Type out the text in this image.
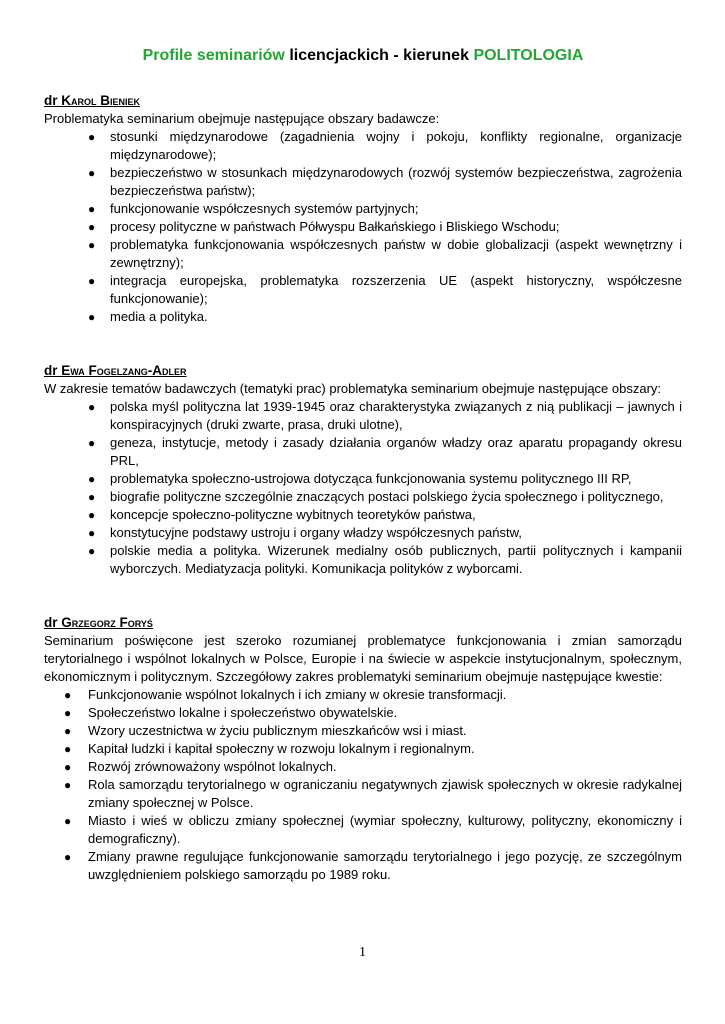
Profile seminariów licencjackich - kierunek POLITOLOGIA

dr Karol Bieniek

Problematyka seminarium obejmuje następujące obszary badawcze:

● stosunki międzynarodowe (zagadnienia wojny i pokoju, konflikty regionalne, organizacje międzynarodowe);
● bezpieczeństwo w stosunkach międzynarodowych (rozwój systemów bezpieczeństwa, zagrożenia bezpieczeństwa państw);
● funkcjonowanie współczesnych systemów partyjnych;
● procesy polityczne w państwach Półwyspu Bałkańskiego i Bliskiego Wschodu;
● problematyka funkcjonowania współczesnych państw w dobie globalizacji (aspekt wewnętrzny i zewnętrzny);
● integracja europejska, problematyka rozszerzenia UE (aspekt historyczny, współczesne funkcjonowanie);
● media a polityka.

dr Ewa Fogelzang-Adler

W zakresie tematów badawczych (tematyki prac) problematyka seminarium obejmuje następujące obszary:

● polska myśl polityczna lat 1939-1945 oraz charakterystyka związanych z nią publikacji – jawnych i konspiracyjnych (druki zwarte, prasa, druki ulotne),
● geneza, instytucje, metody i zasady działania organów władzy oraz aparatu propagandy okresu PRL,
● problematyka społeczno-ustrojowa dotycząca funkcjonowania systemu politycznego III RP,
● biografie polityczne szczególnie znaczących postaci polskiego życia społecznego i politycznego,
● koncepcje społeczno-polityczne wybitnych teoretyków państwa,
● konstytucyjne podstawy ustroju i organy władzy współczesnych państw,
● polskie media a polityka. Wizerunek medialny osób publicznych, partii politycznych i kampanii wyborczych. Mediatyzacja polityki. Komunikacja polityków z wyborcami.

dr Grzegorz Foryś

Seminarium poświęcone jest szeroko rozumianej problematyce funkcjonowania i zmian samorządu terytorialnego i wspólnot lokalnych w Polsce, Europie i na świecie w aspekcie instytucjonalnym, społecznym, ekonomicznym i politycznym. Szczegółowy zakres problematyki seminarium obejmuje następujące kwestie:

● Funkcjonowanie wspólnot lokalnych i ich zmiany w okresie transformacji.
● Społeczeństwo lokalne i społeczeństwo obywatelskie.
● Wzory uczestnictwa w życiu publicznym mieszkańców wsi i miast.
● Kapitał ludzki i kapitał społeczny w rozwoju lokalnym i regionalnym.
● Rozwój zrównoważony wspólnot lokalnych.
● Rola samorządu terytorialnego w ograniczaniu negatywnych zjawisk społecznych w okresie radykalnej zmiany społecznej w Polsce.
● Miasto i wieś w obliczu zmiany społecznej (wymiar społeczny, kulturowy, polityczny, ekonomiczny i demograficzny).
● Zmiany prawne regulujące funkcjonowanie samorządu terytorialnego i jego pozycję, ze szczególnym uwzględnieniem polskiego samorządu po 1989 roku.
1
